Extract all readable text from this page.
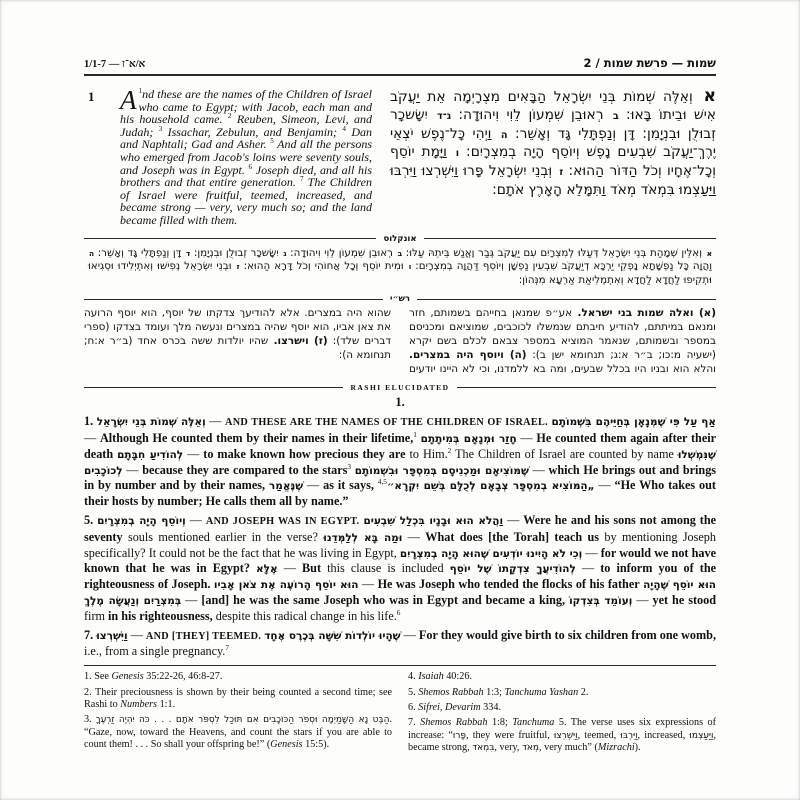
1/1-7 — א/א־ז	שמות — פרשת שמות / 2
1	$^1$
A nd these are the names of the Children of Israel who came to Egypt; with Jacob, each man and his household came. $^2$ Reuben, Simeon, Levi, and Judah; $^3$ Issachar, Zebulun, and Benjamin; $^4$ Dan and Naphtali; Gad and Asher. $^5$ And all the persons who emerged from Jacob's loins were seventy souls, and Joseph was in Egypt. $^6$ Joseph died, and all his brothers and that entire generation. $^7$ The Children of Israel were fruitful, teemed, increased, and became strong — very, very much so; and the land became filled with them.

א וְאֵלֶּה שְׁמוֹת בְּנֵי יִשְׂרָאֵל הַבָּאִים מִצְרָיְמָה אֵת יַעֲקֹב אִישׁ וּבֵיתוֹ בָּאוּ: ב רְאוּבֵן שִׁמְעוֹן לֵוִי וִיהוּדָה: ג־ד יִשָּׂשכָר זְבוּלֻן וּבִנְיָמִן: דָּן וְנַפְתָּלִי גָּד וְאָשֵׁר: ה וַיְהִי כָּל־נֶפֶשׁ יֹצְאֵי יֶרֶךְ־יַעֲקֹב שִׁבְעִים נָפֶשׁ וְיוֹסֵף הָיָה בְמִצְרָיִם: ו וַיָּמָת יוֹסֵף וְכָל־אֶחָיו וְכֹל הַדּוֹר הַהוּא: ז וְּבְנֵי יִשְׂרָאֵל פָּרוּ וַיִּשְׁרְצוּ וַיִּרְבּוּ וַיַּעַצְמוּ בִּמְאֹד מְאֹד וַתִּמָּלֵא הָאָרֶץ אֹתָם:

אונקלוס

א וְאִלֵּין שְׁמָהַת בְּנֵי יִשְׂרָאֵל דְּעַלּוּ לְמִצְרָיִם עִם יַעֲקֹב גְּבַר וֶאֱנַשׁ בֵּיתֵהּ עַלּוּ: ב רְאוּבֵן שִׁמְעוֹן לֵוִי וִיהוּדָה: ג יִשָּׂשכָר זְבוּלֻן וּבִנְיָמִן: ד דָּן וְנַפְתָּלִי גָּד וְאָשֵׁר: ה וַהֲוָה כָּל נַפְשָׁתָא נָפְקֵי יַרְכָּא דְיַעֲקֹב שִׁבְעִין נַפְשָׁן וְיוֹסֵף דַּהֲוָה בְמִצְרָיִם: ו וּמִית יוֹסֵף וְכָל אֲחוֹהִי וְכֹל דָּרָא הַהוּא: ז וּבְנֵי יִשְׂרָאֵל נְפִישׁוּ וְאִתְיְלִידוּ וּסְגִיאוּ וּתְקִיפוּ לַחֲדָא לַחֲדָא וְאִתְמְלִיאַת אַרְעָא מִנְּהוֹן:

רש״י
(א) ואלה שמות בני ישראל. אע״פ שמנאן בחייהם בשמותם, חזר ומנאם במיתתם, להודיע חיבתם שנמשלו לכוכבים, שמוציאם ומכניסם במספר ובשמותם, שנאמר המוציא במספר צבאם לכלם בשם יקרא (ישעיה מ:כו; ב״ר א:ג; תנחומא ישן ב): (ה) ויוסף היה במצרים. והלא הוא ובניו היו בכלל שבעים, ומה בא ללמדנו, וכי לא היינו יודעים שהוא היה במצרים. אלא להודיעך צדקתו של יוסף, הוא יוסף הרועה את צאן אביו, הוא יוסף שהיה במצרים ונעשה מלך ועומד בצדקו (ספרי דברים שלד): (ז) וישרצו. שהיו יולדות ששה בכרס אחד (ב״ר א:ח; תנחומא ה):
RASHI ELUCIDATED
1.

1. וְאֵלֶּה שְׁמוֹת בְּנֵי יִשְׂרָאֵל — AND THESE ARE THE NAMES OF THE CHILDREN OF ISRAEL. אַף עַל פִּי שֶׁמְּנָאָן בְּחַיֵּיהֶם בִּשְׁמוֹתָם — Although He counted them by their names in their lifetime,$^1$ חָזַר וּמְנָאָם בְּמִיתָתָם — He counted them again after their death לְהוֹדִיעַ חִבָּתָם — to make known how precious they are to Him.$^2$ The Children of Israel are counted by name שֶׁנִּמְשְׁלוּ לְכוֹכָבִים — because they are compared to the stars$^3$ שֶׁמּוֹצִיאָם וּמַכְנִיסָם בְּמִסְפָּר וּבִשְׁמוֹתָם — which He brings out and brings in by number and by their names, שֶׁנֶּאֱמַר — as it says, „הַמּוֹצִיא בְמִסְפָּר צְבָאָם לְכֻלָּם בְּשֵׁם יִקְרָא״$^{4,5}$	— “He Who takes out their hosts by number; He calls them all by name.”

5. וְיוֹסֵף הָיָה בְמִצְרָיִם — AND JOSEPH WAS IN EGYPT. וַהֲלֹא הוּא וּבָנָיו בִּכְלַל שִׁבְעִים — Were he and his sons not among the seventy souls mentioned earlier in the verse? וּמַה בָּא לְלַמְּדֵנוּ — What does [the Torah] teach us by mentioning Joseph specifically? It could not be the fact that he was living in Egypt, וְכִי לֹא הָיִינוּ יוֹדְעִים שֶׁהוּא הָיָה בְמִצְרָיִם — for would we not have known that he was in Egypt? אֶלָּא — But this clause is included לְהוֹדִיעֲךָ צִדְקָתוֹ שֶׁל יוֹסֵף — to inform you of the righteousness of Joseph. הוּא יוֹסֵף הָרוֹעֶה אֶת צֹאן אָבִיו — He was Joseph who tended the flocks of his father הוּא יוֹסֵף שֶׁהָיָה בְּמִצְרַיִם וְנַעֲשָׂה מֶלֶךְ — [and] he was the same Joseph who was in Egypt and became a king, וְעוֹמֵד בְּצִדְקוֹ — yet he stood firm in his righteousness, despite this radical change in his life.$^6$

7. וַיִּשְׁרְצוּ — AND [THEY] TEEMED. שֶׁהָיוּ יוֹלְדוֹת שִׁשָּׁה בְּכֶרֶס אֶחָד — For they would give birth to six children from one womb, i.e., from a single pregnancy.$^7$

1. See Genesis 35:22-26, 46:8-27.
2. Their preciousness is shown by their being counted a second time; see Rashi to Numbers 1:1.
3. הַבֶּט נָא הַשָּׁמַיְמָה וּסְפֹר הַכּוֹכָבִים אִם תּוּכַל לִסְפֹּר אֹתָם . . . כֹּה יִהְיֶה זַרְעֶךָ. “Gaze, now, toward the Heavens, and count the stars if you are able to count them! . . . So shall your offspring be!” (Genesis 15:5).
4. Isaiah 40:26.
5. Shemos Rabbah 1:3; Tanchuma Yashan 2.
6. Sifrei, Devarim 334.
7. Shemos Rabbah 1:8; Tanchuma 5. The verse uses six expressions of increase: “פָּרוּ, they were fruitful, וַיִּשְׁרְצוּ, teemed, וַיִּרְבּוּ, increased, וַיַּעַצְמוּ, became strong, בִּמְאֹד, very, מְאֹד, very much” (Mizrachi).
